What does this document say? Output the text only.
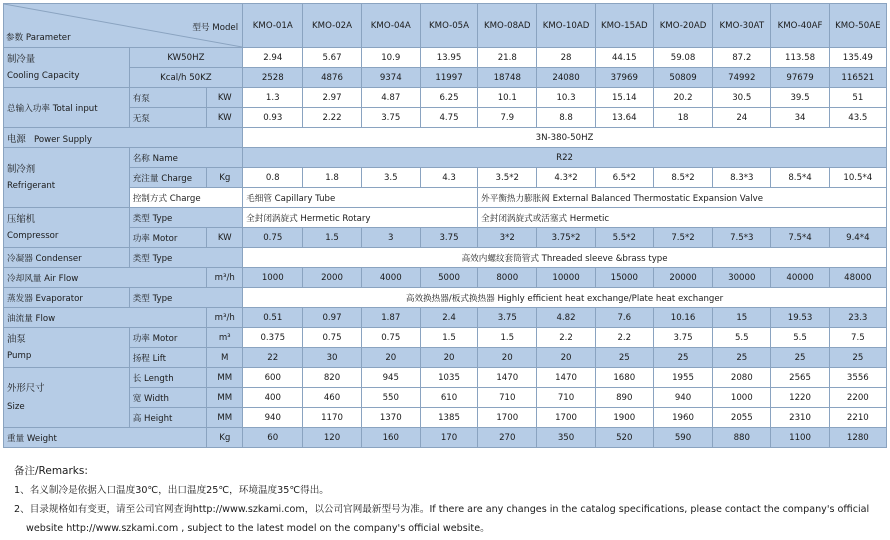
参数 Parameter
型号 Model			KMO-01A	KMO-02A	KMO-04A	KMO-05A	KMO-08AD	KMO-10AD	KMO-15AD	KMO-20AD	KMO-30AT	KMO-40AF	KMO-50AE

制冷量
Cooling Capacity	KW50HZ		2.94	5.67	10.9	13.95	21.8	28	44.15	59.08	87.2	113.58	135.49
	Kcal/h 50KZ		2528	4876	9374	11997	18748	24080	37969	50809	74992	97679	116521
总输入功率 Total input	有泵	KW	1.3	2.97	4.87	6.25	10.1	10.3	15.14	20.2	30.5	39.5	51
	无泵	KW	0.93	2.22	3.75	4.75	7.9	8.8	13.64	18	24	34	43.5
电源 Power Supply			3N-380-50HZ										

制冷剂
Refrigerant	名称 Name		R22										
	充注量 Charge	Kg	0.8	1.8	3.5	4.3	3.5*2	4.3*2	6.5*2	8.5*2	8.3*3	8.5*4	10.5*4
	控制方式 Charge		毛细管 Capillary Tube				外平衡热力膨胀阀 External Balanced Thermostatic Expansion Valve						

压缩机
Compressor	类型 Type		全封闭涡旋式 Hermetic Rotary				全封闭涡旋式或活塞式 Hermetic						
	功率 Motor	KW	0.75	1.5	3	3.75	3*2	3.75*2	5.5*2	7.5*2	7.5*3	7.5*4	9.4*4
冷凝器 Condenser	类型 Type		高效内螺纹套筒管式 Threaded sleeve &brass type										
冷却风量 Air Flow		m³/h	1000	2000	4000	5000	8000	10000	15000	20000	30000	40000	48000
蒸发器 Evaporator	类型 Type		高效换热器/板式换热器 Highly efficient heat exchange/Plate heat exchanger										
油流量 Flow		m³/h	0.51	0.97	1.87	2.4	3.75	4.82	7.6	10.16	15	19.53	23.3

油泵
Pump	功率 Motor	m³	0.375	0.75	0.75	1.5	1.5	2.2	2.2	3.75	5.5	5.5	7.5
	扬程 Lift	M	22	30	20	20	20	20	25	25	25	25	25

外形尺寸
Size	长 Length	MM	600	820	945	1035	1470	1470	1680	1955	2080	2565	3556
	宽 Width	MM	400	460	550	610	710	710	890	940	1000	1220	2200
	高 Height	MM	940	1170	1370	1385	1700	1700	1900	1960	2055	2310	2210
重量 Weight		Kg	60	120	160	170	270	350	520	590	880	1100	1280
备注/Remarks:
1、名义制冷是依据入口温度30℃，出口温度25℃，环境温度35℃得出。
2、目录规格如有变更，请至公司官网查询http://www.szkami.com，以公司官网最新型号为准。If there are any changes in the catalog specifications, please contact the company's official
website http://www.szkami.com , subject to the latest model on the company's official website。
